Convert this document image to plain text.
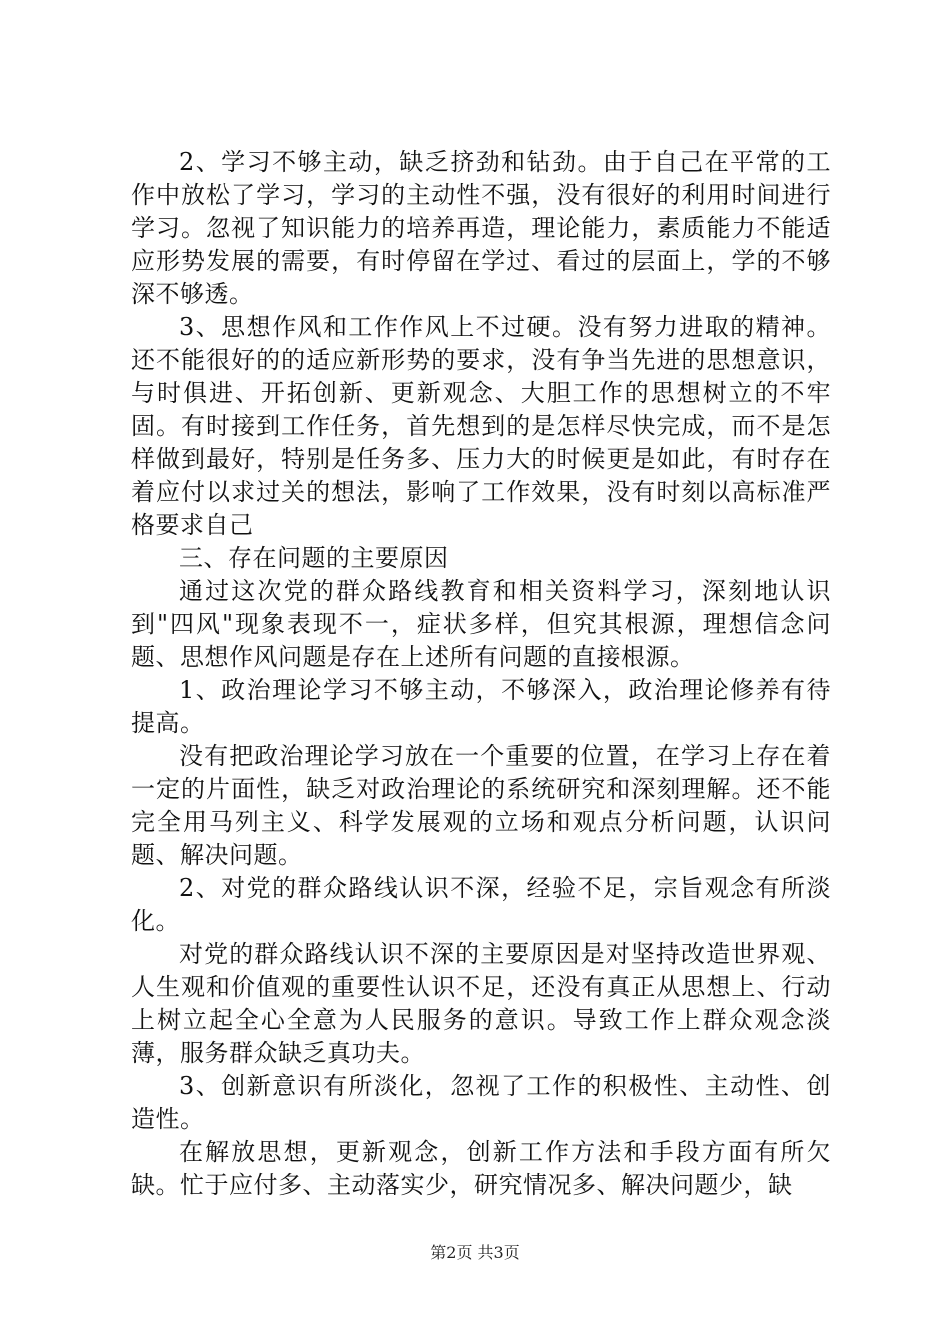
2、学习不够主动，缺乏挤劲和钻劲。由于自己在平常的工作中放松了学习，学习的主动性不强，没有很好的利用时间进行学习。忽视了知识能力的培养再造，理论能力，素质能力不能适应形势发展的需要，有时停留在学过、看过的层面上，学的不够深不够透。

3、思想作风和工作作风上不过硬。没有努力进取的精神。还不能很好的的适应新形势的要求，没有争当先进的思想意识，与时俱进、开拓创新、更新观念、大胆工作的思想树立的不牢固。有时接到工作任务，首先想到的是怎样尽快完成，而不是怎样做到最好，特别是任务多、压力大的时候更是如此，有时存在着应付以求过关的想法，影响了工作效果，没有时刻以高标准严格要求自己

三、存在问题的主要原因

通过这次党的群众路线教育和相关资料学习，深刻地认识到"四风"现象表现不一，症状多样，但究其根源，理想信念问题、思想作风问题是存在上述所有问题的直接根源。

1、政治理论学习不够主动，不够深入，政治理论修养有待提高。

没有把政治理论学习放在一个重要的位置，在学习上存在着一定的片面性，缺乏对政治理论的系统研究和深刻理解。还不能完全用马列主义、科学发展观的立场和观点分析问题，认识问题、解决问题。

2、对党的群众路线认识不深，经验不足，宗旨观念有所淡化。

对党的群众路线认识不深的主要原因是对坚持改造世界观、人生观和价值观的重要性认识不足，还没有真正从思想上、行动上树立起全心全意为人民服务的意识。导致工作上群众观念淡薄，服务群众缺乏真功夫。

3、创新意识有所淡化，忽视了工作的积极性、主动性、创造性。

在解放思想，更新观念，创新工作方法和手段方面有所欠缺。忙于应付多、主动落实少，研究情况多、解决问题少，缺

第2页 共3页
